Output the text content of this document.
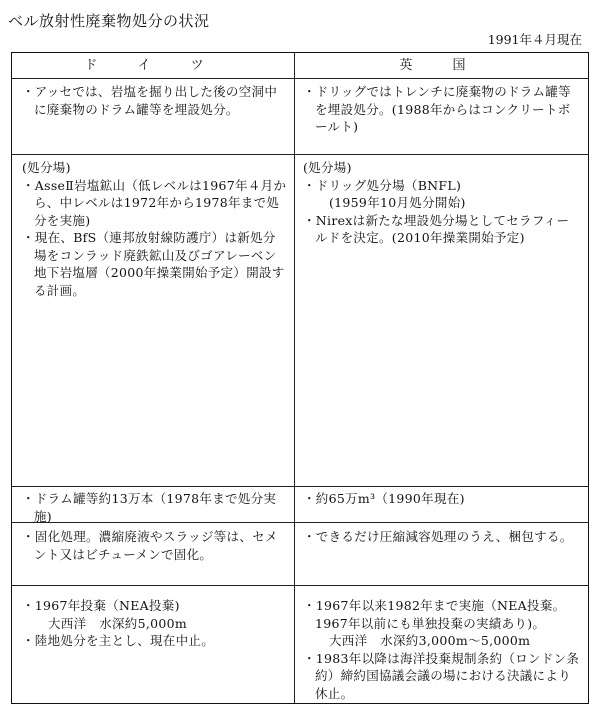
ベル放射性廃棄物処分の状況
1991年４月現在
ド イ ツ	英 国
・アッセでは、岩塩を掘り出した後の空洞中に廃棄物のドラム罐等を埋設処分。
・ドリッグではトレンチに廃棄物のドラム罐等を埋設処分。(1988年からはコンクリートボールト)
(処分場)
・AsseⅡ岩塩鉱山（低レベルは1967年４月から、中レベルは1972年から1978年まで処分を実施)
・現在、BfS（連邦放射線防護庁）は新処分場をコンラッド廃鉄鉱山及びゴアレーベン地下岩塩層（2000年操業開始予定）開設する計画。
(処分場)
・ドリッグ処分場（BNFL)
(1959年10月処分開始)
・Nirexは新たな埋設処分場としてセラフィールドを決定。(2010年操業開始予定)
・ドラム罐等約13万本（1978年まで処分実施)
・約65万m³（1990年現在)
・固化処理。濃縮廃液やスラッジ等は、セメント又はビチューメンで固化。
・できるだけ圧縮減容処理のうえ、梱包する。
・1967年投棄（NEA投棄)
大西洋　水深約5,000m
・陸地処分を主とし、現在中止。
・1967年以来1982年まで実施（NEA投棄。1967年以前にも単独投棄の実績あり)。
大西洋　水深約3,000m～5,000m
・1983年以降は海洋投棄規制条約（ロンドン条約）締約国協議会議の場における決議により休止。
